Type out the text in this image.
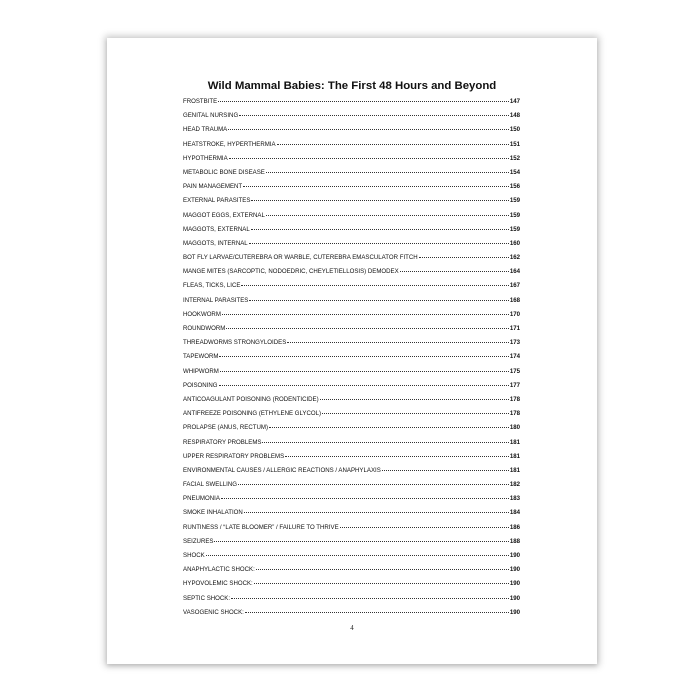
Wild Mammal Babies: The First 48 Hours and Beyond
FROSTBITE	147
GENITAL NURSING	148
HEAD TRAUMA	150
HEATSTROKE, HYPERTHERMIA	151
HYPOTHERMIA	152
METABOLIC BONE DISEASE	154
PAIN MANAGEMENT	156
EXTERNAL PARASITES	159
MAGGOT EGGS, EXTERNAL	159
MAGGOTS, EXTERNAL	159
MAGGOTS, INTERNAL	160
BOT FLY LARVAE/CUTEREBRA OR WARBLE, CUTEREBRA EMASCULATOR FITCH	162
MANGE MITES (SARCOPTIC, NODOEDRIC, CHEYLETIELLOSIS) DEMODEX	164
FLEAS, TICKS, LICE	167
INTERNAL PARASITES	168
HOOKWORM	170
ROUNDWORM	171
THREADWORMS STRONGYLOIDES	173
TAPEWORM	174
WHIPWORM	175
POISONING	177
ANTICOAGULANT POISONING (RODENTICIDE)	178
ANTIFREEZE POISONING (ETHYLENE GLYCOL)	178
PROLAPSE (ANUS, RECTUM)	180
RESPIRATORY PROBLEMS	181
UPPER RESPIRATORY PROBLEMS	181
ENVIRONMENTAL CAUSES / ALLERGIC REACTIONS / ANAPHYLAXIS	181
FACIAL SWELLING	182
PNEUMONIA	183
SMOKE INHALATION	184
RUNTINESS / “LATE BLOOMER” / FAILURE TO THRIVE	186
SEIZURES	188
SHOCK	190
ANAPHYLACTIC SHOCK:	190
HYPOVOLEMIC SHOCK:	190
SEPTIC SHOCK:	190
VASOGENIC SHOCK:	190
4
